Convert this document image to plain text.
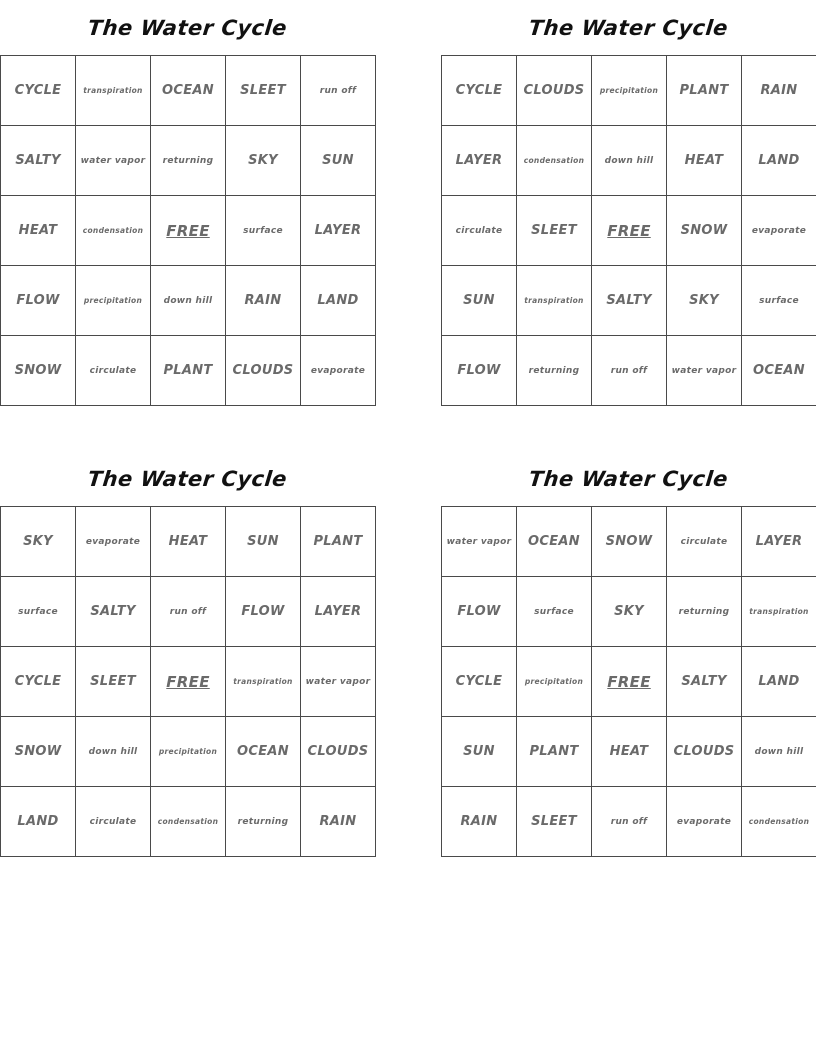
The Water Cycle
CYCLE	transpiration	OCEAN	SLEET	run off
SALTY	water vapor	returning	SKY	SUN
HEAT	condensation	FREE	surface	LAYER
FLOW	precipitation	down hill	RAIN	LAND
SNOW	circulate	PLANT	CLOUDS	evaporate
The Water Cycle
CYCLE	CLOUDS	precipitation	PLANT	RAIN
LAYER	condensation	down hill	HEAT	LAND
circulate	SLEET	FREE	SNOW	evaporate
SUN	transpiration	SALTY	SKY	surface
FLOW	returning	run off	water vapor	OCEAN
The Water Cycle
SKY	evaporate	HEAT	SUN	PLANT
surface	SALTY	run off	FLOW	LAYER
CYCLE	SLEET	FREE	transpiration	water vapor
SNOW	down hill	precipitation	OCEAN	CLOUDS
LAND	circulate	condensation	returning	RAIN
The Water Cycle
water vapor	OCEAN	SNOW	circulate	LAYER
FLOW	surface	SKY	returning	transpiration
CYCLE	precipitation	FREE	SALTY	LAND
SUN	PLANT	HEAT	CLOUDS	down hill
RAIN	SLEET	run off	evaporate	condensation
